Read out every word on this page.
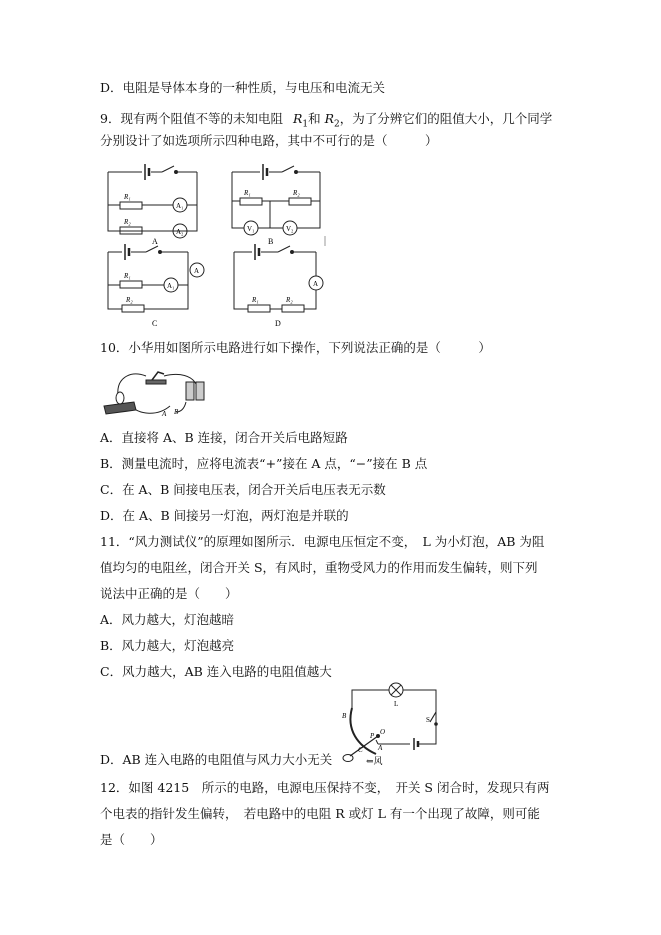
D．电阻是导体本身的一种性质，与电压和电流无关
9．现有两个阻值不等的未知电阻 $R_1$和 $R_2$，为了分辨它们的阻值大小，几个同学
分别设计了如选项所示四种电路，其中不可行的是（　　　）
R₁
A₁
R₂
A₂
A
R₁	R₂
V₁	V₂
B
A
R₁
A₁
R₂
C
A
R₁	R₂
D
10．小华用如图所示电路进行如下操作，下列说法正确的是（　　　）
A B
A．直接将 A、B 连接，闭合开关后电路短路
B．测量电流时，应将电流表“+”接在 A 点，“−”接在 B 点
C．在 A、B 间接电压表，闭合开关后电压表无示数
D．在 A、B 间接另一灯泡，两灯泡是并联的
11．“风力测试仪”的原理如图所示．电源电压恒定不变，　L 为小灯泡，AB 为阻
值均匀的电阻丝，闭合开关 S，有风时，重物受风力的作用而发生偏转，则下列
说法中正确的是（　　）
A．风力越大，灯泡越暗
B．风力越大，灯泡越亮
C．风力越大，AB 连入电路的电阻值越大
L
S
B
O
P
C A
⇐风
D．AB 连入电路的电阻值与风力大小无关
12．如图 4215　所示的电路，电源电压保持不变，　开关 S 闭合时，发现只有两
个电表的指针发生偏转，　若电路中的电阻 R 或灯 L 有一个出现了故障，则可能
是（　　）
